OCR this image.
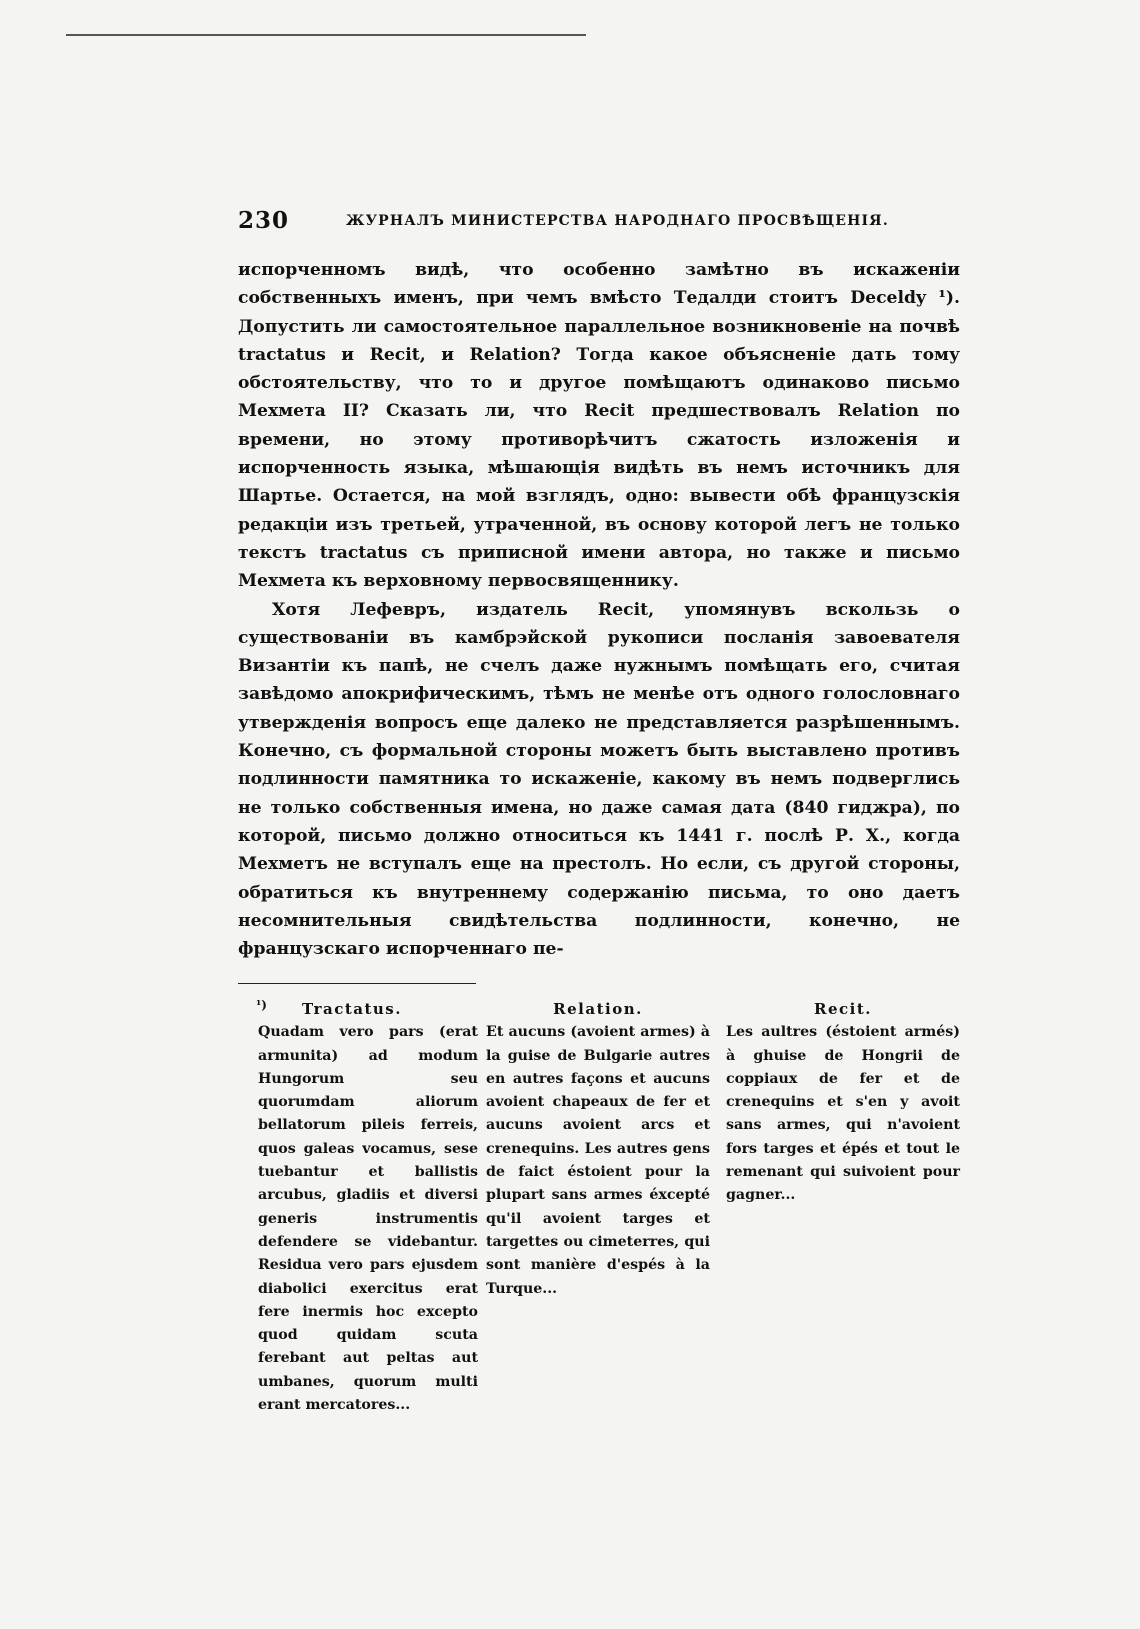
230	ЖУРНАЛЪ МИНИСТЕРСТВА НАРОДНАГО ПРОСВѢЩЕНІЯ.

испорченномъ видѣ, что особенно замѣтно въ искаженіи собственныхъ именъ, при чемъ вмѣсто Тедалди стоитъ Deceldy ¹). Допустить ли самостоятельное параллельное возникновеніе на почвѣ tractatus и Recit, и Relation? Тогда какое объясненіе дать тому обстоятельству, что то и другое помѣщаютъ одинаково письмо Мехмета II? Сказать ли, что Recit предшествовалъ Relation по времени, но этому противорѣчитъ сжатость изложенія и испорченность языка, мѣшающія видѣть въ немъ источникъ для Шартье. Остается, на мой взглядъ, одно: вывести обѣ французскія редакціи изъ третьей, утраченной, въ основу которой легъ не только текстъ tractatus съ приписной имени автора, но также и письмо Мехмета къ верховному первосвященнику.

Хотя Лефевръ, издатель Recit, упомянувъ вскользь о существованіи въ камбрэйской рукописи посланія завоевателя Византіи къ папѣ, не счелъ даже нужнымъ помѣщать его, считая завѣдомо апокрифическимъ, тѣмъ не менѣе отъ одного голословнаго утвержденія вопросъ еще далеко не представляется разрѣшеннымъ. Конечно, съ формальной стороны можетъ быть выставлено противъ подлинности памятника то искаженіе, какому въ немъ подверглись не только собственныя имена, но даже самая дата (840 гиджра), по которой, письмо должно относиться къ 1441 г. послѣ Р. Х., когда Мехметъ не вступалъ еще на престолъ. Но если, съ другой стороны, обратиться къ внутреннему содержанію письма, то оно даетъ несомнительныя свидѣтельства подлинности, конечно, не французскаго испорченнаго пе-

¹)	Tractatus.

Quadam vero pars (erat armunita) ad modum Hungorum seu quorumdam aliorum bellatorum pileis ferreis, quos galeas vocamus, sese tuebantur et ballistis arcubus, gladiis et diversi generis instrumentis defendere se videbantur. Residua vero pars ejusdem diabolici exercitus erat fere inermis hoc excepto quod quidam scuta ferebant aut peltas aut umbanes, quorum multi erant mercatores...

Relation.

Et aucuns (avoient armes) à la guise de Bulgarie autres en autres façons et aucuns avoient chapeaux de fer et aucuns avoient arcs et crenequins. Les autres gens de faict éstoient pour la plupart sans armes éxcepté qu'il avoient targes et targettes ou cimeterres, qui sont manière d'espés à la Turque...

Recit.

Les aultres (éstoient armés) à ghuise de Hongrii de coppiaux de fer et de crenequins et s'en y avoit sans armes, qui n'avoient fors targes et épés et tout le remenant qui suivoient pour gagner...
